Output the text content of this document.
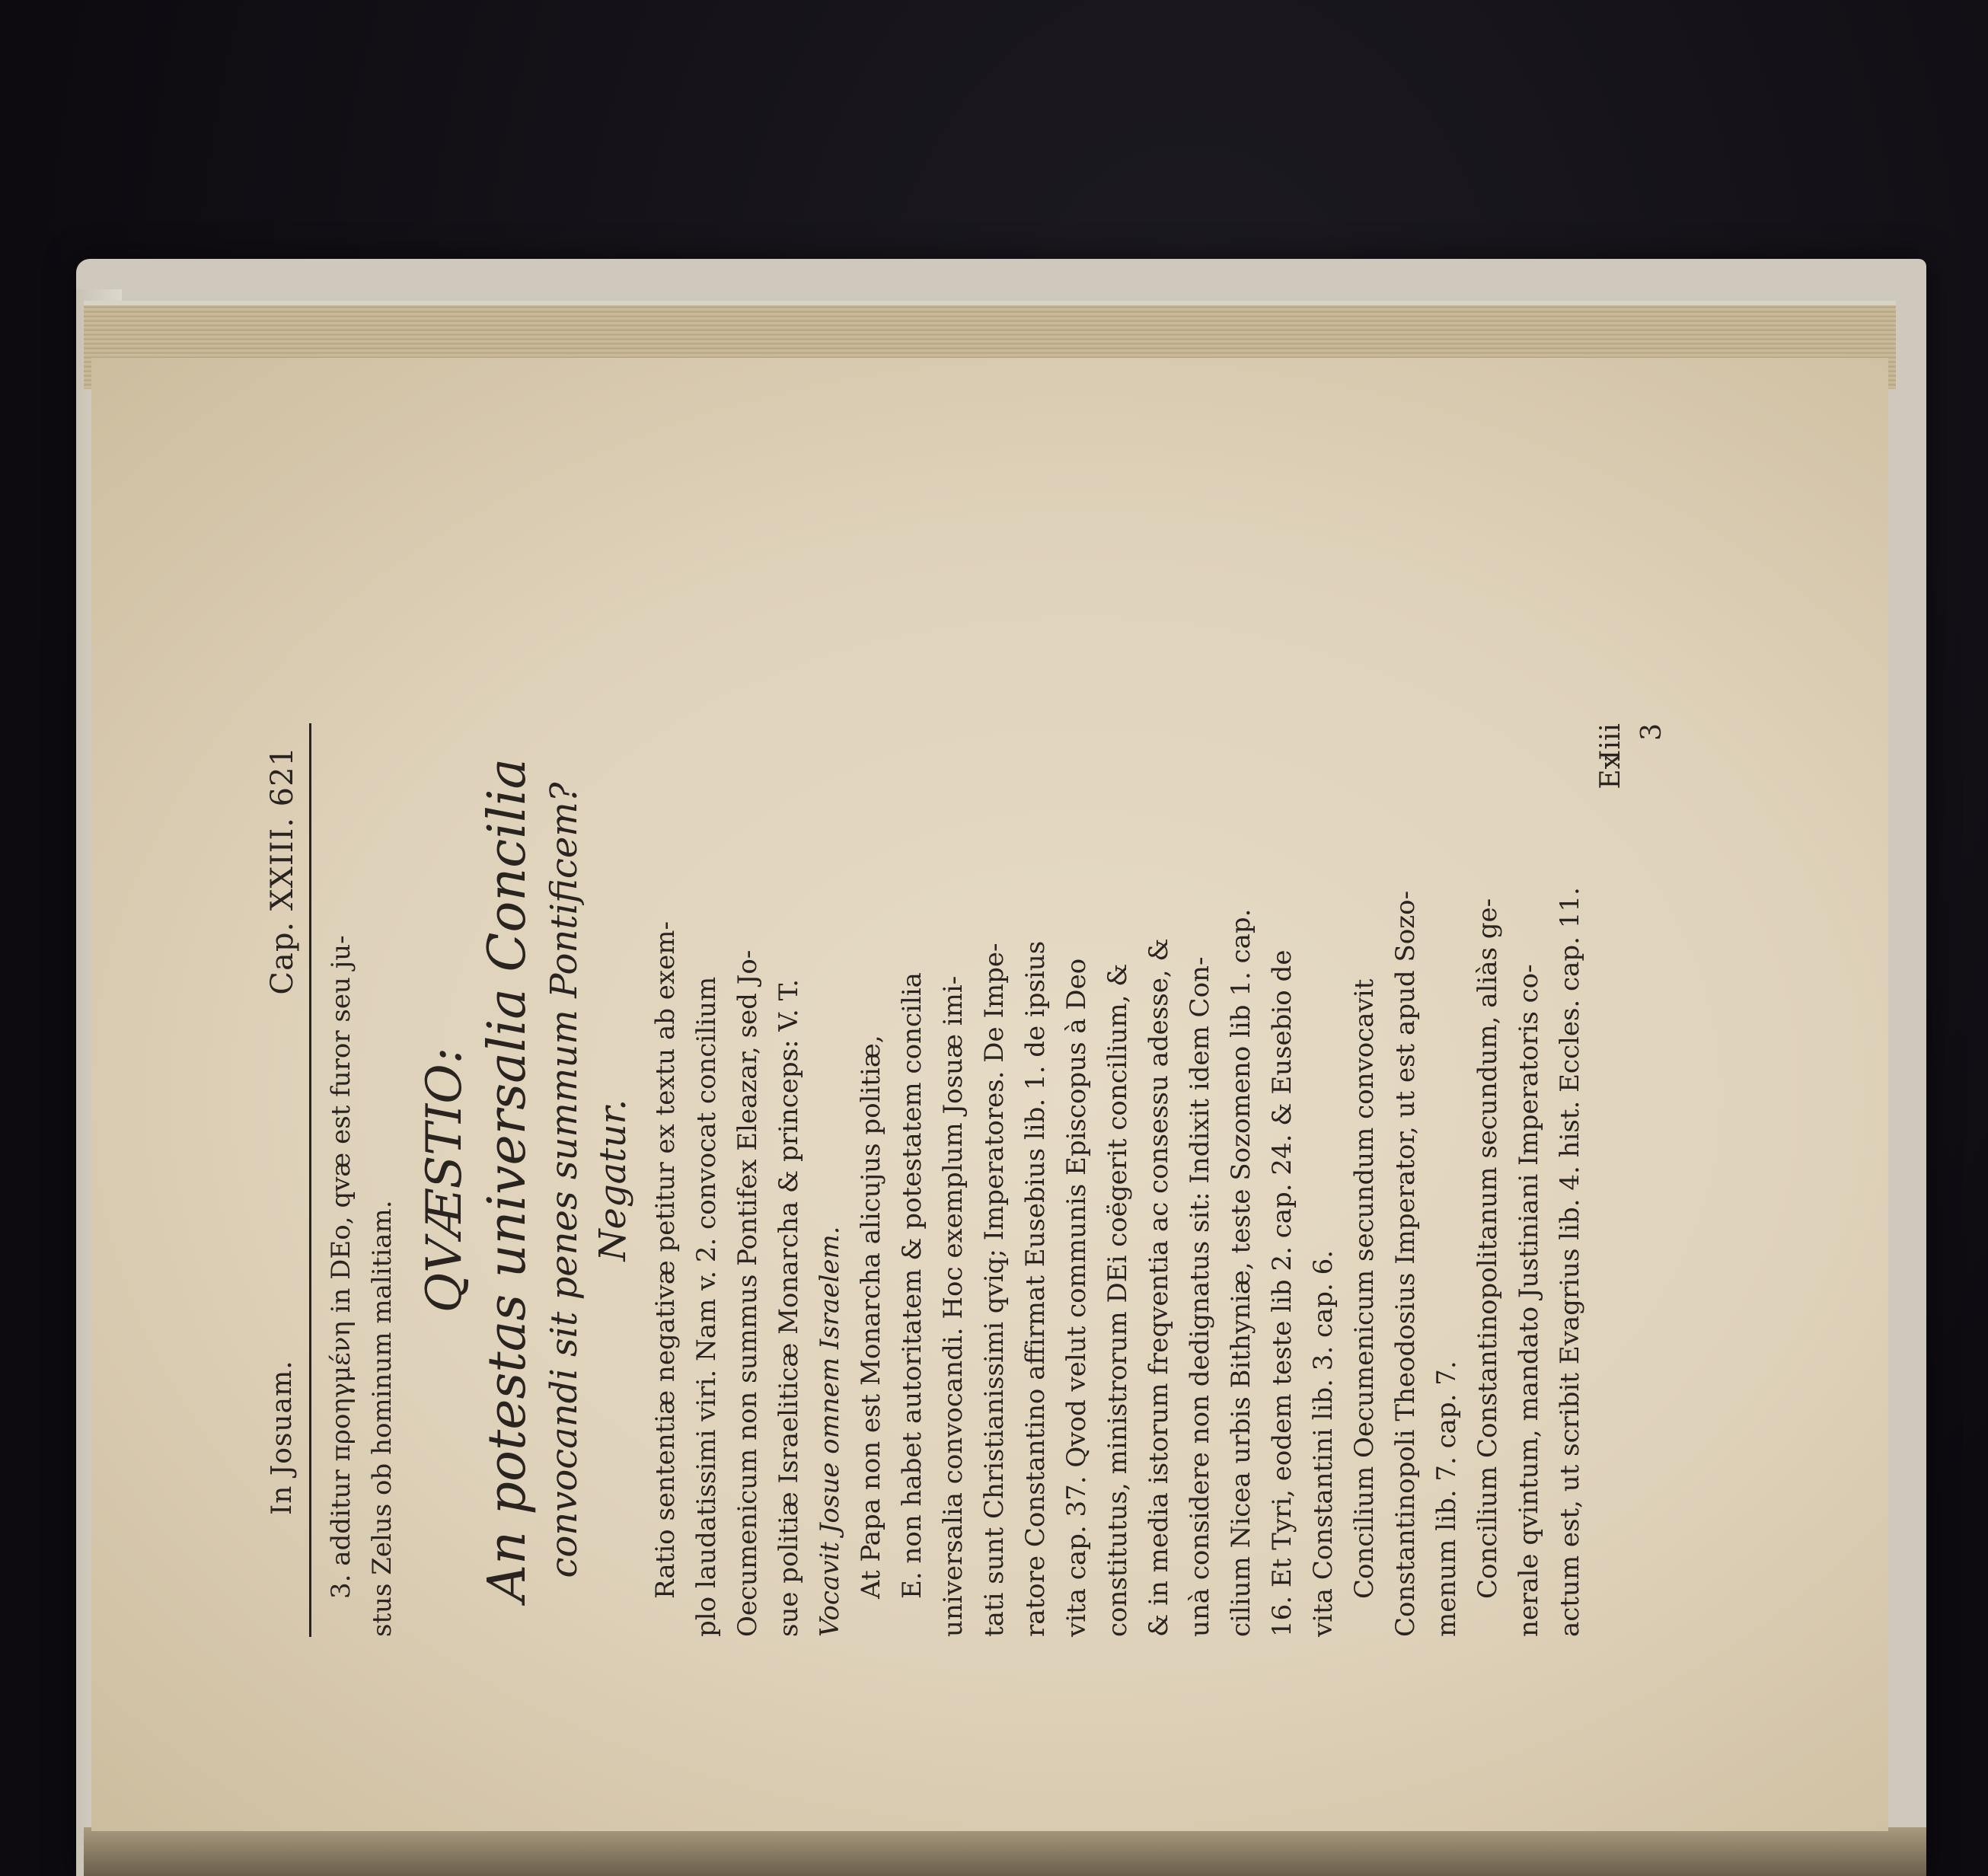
In Josuam.
Cap. XXIII. 621
3. additur προηγμένη in DEo, qvæ est furor seu ju- stus Zelus ob hominum malitiam.
QVÆSTIO: An potestas universalia Concilia convocandi sit penes summum Pontificem? Negatur. Ratio sententiæ negativæ petitur ex textu ab exem- plo laudatissimi viri. Nam v. 2. convocat concilium Oecumenicum non summus Pontifex Eleazar, sed Jo- sue politiæ Israeliticæ Monarcha & princeps: V. T. Vocavit Josue omnem Israelem. At Papa non est Monarcha alicujus politiæ, E. non habet autoritatem & potestatem concilia universalia convocandi. Hoc exemplum Josuæ imi- tati sunt Christianissimi qviq; Imperatores. De Impe- ratore Constantino affirmat Eusebius lib. 1. de ipsius vita cap. 37. Qvod velut communis Episcopus à Deo constitutus, ministrorum DEi coëgerit concilium, & & in media istorum freqventia ac consessu adesse, & unà considere non dedignatus sit: Indixit idem Con- cilium Nicea urbis Bithyniæ, teste Sozomeno lib 1. cap. 16. Et Tyri, eodem teste lib 2. cap. 24. & Eusebio de vita Constantini lib. 3. cap. 6. Concilium Oecumenicum secundum convocavit Constantinopoli Theodosius Imperator, ut est apud Sozo- menum lib. 7. cap. 7. Concilium Constantinopolitanum secundum, aliàs ge- nerale qvintum, mandato Justiniani Imperatoris co- actum est, ut scribit Evagrius lib. 4. hist. Eccles. cap. 11.
Iiii 3
Ex
